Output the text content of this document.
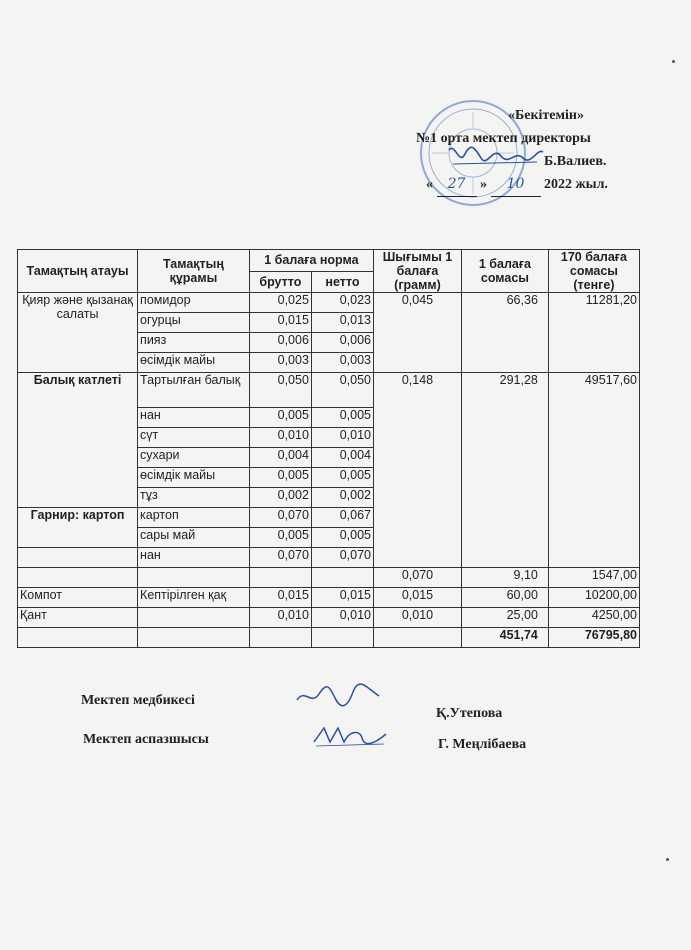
«Бекітемін»
№1 орта мектеп директоры
Б.Валиев.
« 27 » 10 2022 жыл.
Тамақтың атауы	Тамақтың құрамы	1 балаға норма		Шығымы 1 балаға (грамм)	1 балаға сомасы	170 балаға сомасы (тенге)
		брутто	нетто			
Қияр және қызанақ салаты	помидор	0,025	0,023	0,045	66,36	11281,20
	огурцы	0,015	0,013			
	пияз	0,006	0,006			
	өсімдік майы	0,003	0,003			
Балық катлеті	Тартылған балық	0,050	0,050	0,148	291,28	49517,60
	нан	0,005	0,005			
	сүт	0,010	0,010			
	сухари	0,004	0,004			
	өсімдік майы	0,005	0,005			
	тұз	0,002	0,002			
Гарнир: картоп	картоп	0,070	0,067			
	сары май	0,005	0,005			
	нан	0,070	0,070			
				0,070	9,10	1547,00
Компот	Кептірілген қақ	0,015	0,015	0,015	60,00	10200,00
Қант		0,010	0,010	0,010	25,00	4250,00
					451,74	76795,80
Мектеп медбикесі
Қ.Утепова
Мектеп аспазшысы	Г. Меңлібаева
